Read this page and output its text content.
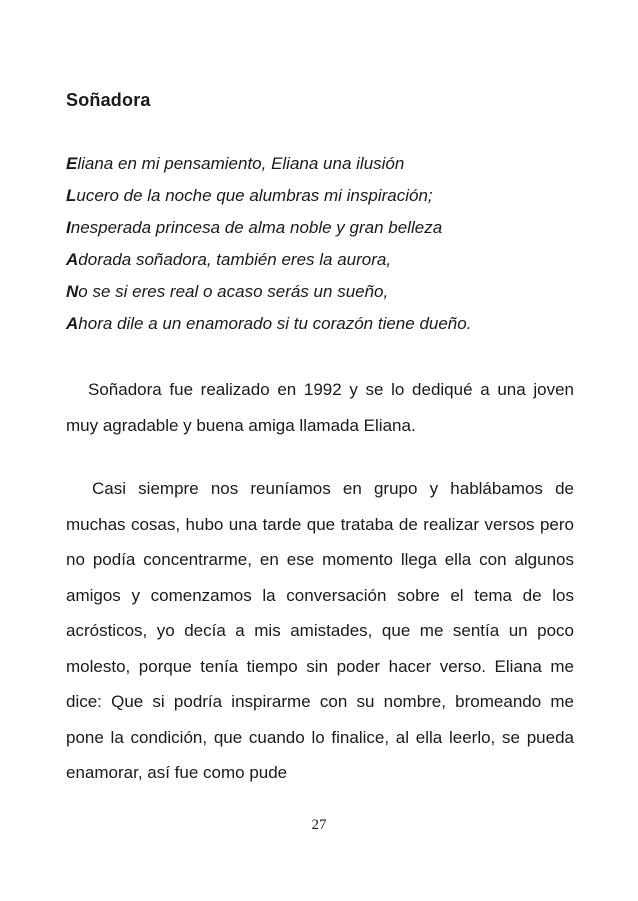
Soñadora
Eliana en mi pensamiento, Eliana una ilusión
Lucero de la noche que alumbras mi inspiración;
Inesperada princesa de alma noble y gran belleza
Adorada soñadora, también eres la aurora,
No se si eres real o acaso serás un sueño,
Ahora dile a un enamorado si tu corazón tiene dueño.

Soñadora fue realizado en 1992 y se lo dediqué a una joven muy agradable y buena amiga llamada Eliana.

Casi siempre nos reuníamos en grupo y hablábamos de muchas cosas, hubo una tarde que trataba de realizar versos pero no podía concentrarme, en ese momento llega ella con algunos amigos y comenzamos la conversación sobre el tema de los acrósticos, yo decía a mis amistades, que me sentía un poco molesto, porque tenía tiempo sin poder hacer verso. Eliana me dice: Que si podría inspirarme con su nombre, bromeando me pone la condición, que cuando lo finalice, al ella leerlo, se pueda enamorar, así fue como pude

27
